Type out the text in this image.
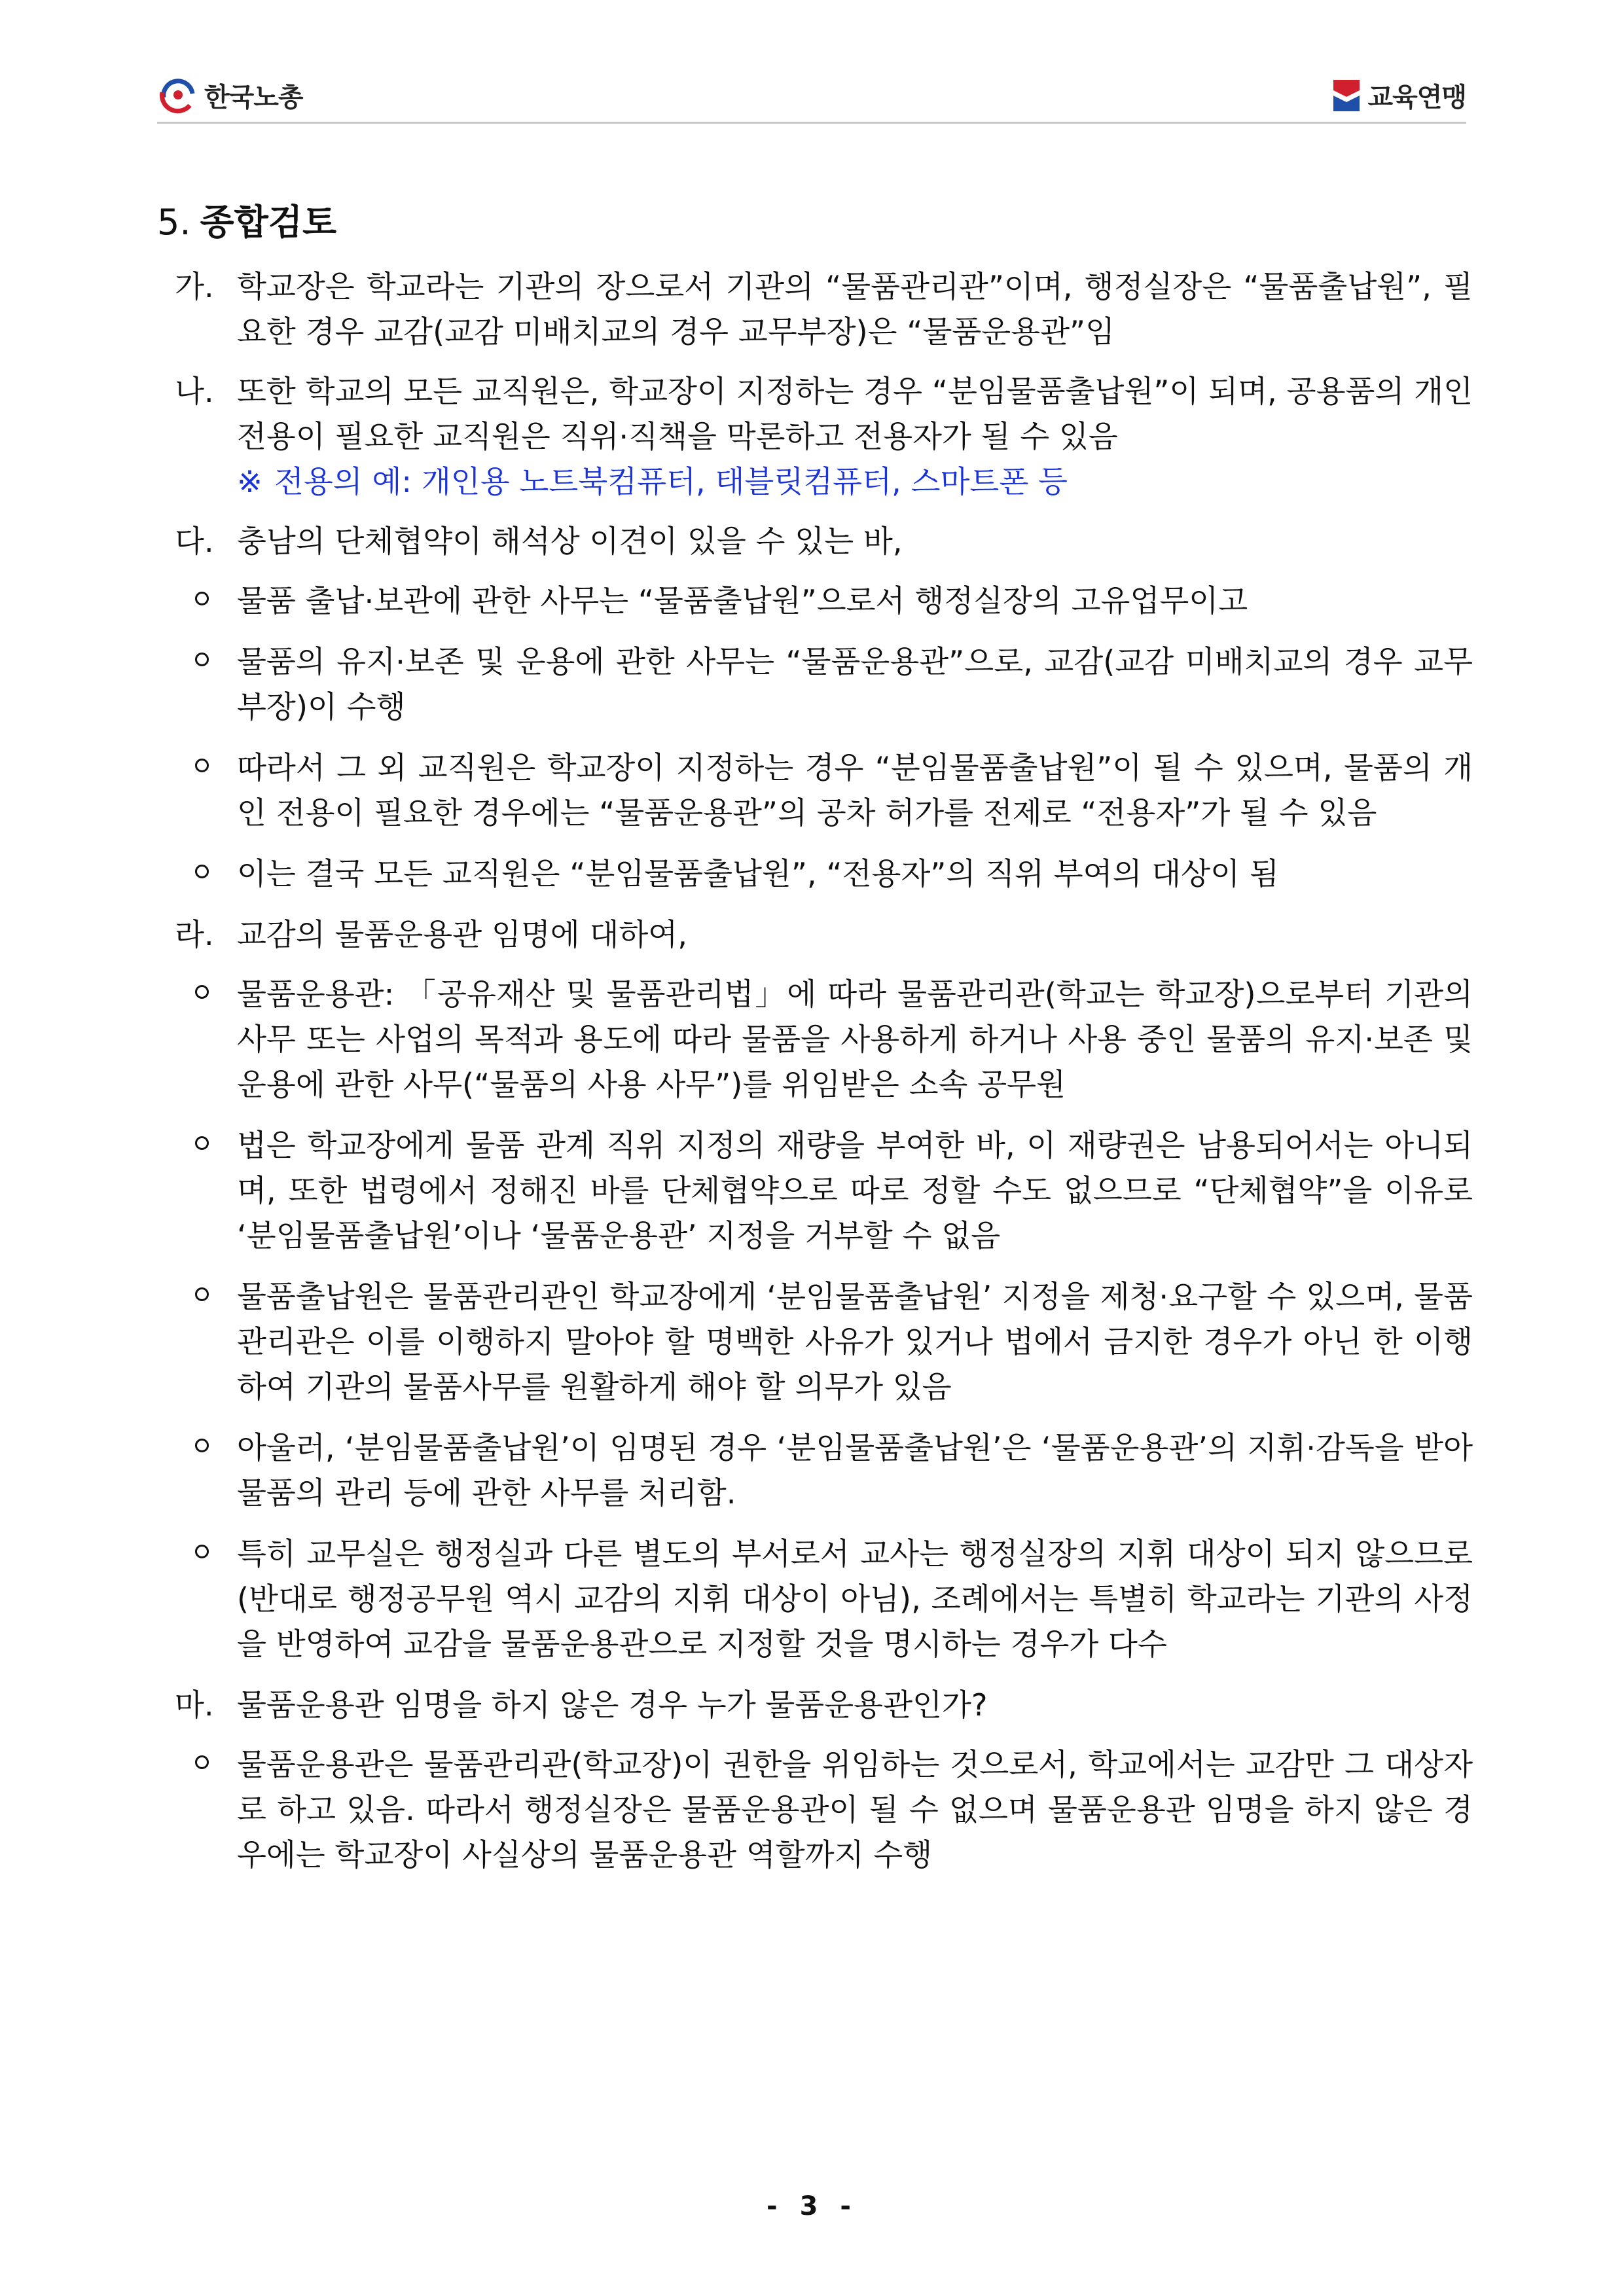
한국노총	교육연맹
5. 종합검토
가. 학교장은 학교라는 기관의 장으로서 기관의 “물품관리관”이며, 행정실장은 “물품출납원”, 필요한 경우 교감(교감 미배치교의 경우 교무부장)은 “물품운용관”임
나. 또한 학교의 모든 교직원은, 학교장이 지정하는 경우 “분임물품출납원”이 되며, 공용품의 개인 전용이 필요한 교직원은 직위·직책을 막론하고 전용자가 될 수 있음
※ 전용의 예: 개인용 노트북컴퓨터, 태블릿컴퓨터, 스마트폰 등
다. 충남의 단체협약이 해석상 이견이 있을 수 있는 바,
물품 출납·보관에 관한 사무는 “물품출납원”으로서 행정실장의 고유업무이고
물품의 유지·보존 및 운용에 관한 사무는 “물품운용관”으로, 교감(교감 미배치교의 경우 교무부장)이 수행
따라서 그 외 교직원은 학교장이 지정하는 경우 “분임물품출납원”이 될 수 있으며, 물품의 개인 전용이 필요한 경우에는 “물품운용관”의 공차 허가를 전제로 “전용자”가 될 수 있음
이는 결국 모든 교직원은 “분임물품출납원”, “전용자”의 직위 부여의 대상이 됨
라. 교감의 물품운용관 임명에 대하여,
물품운용관: 「공유재산 및 물품관리법」에 따라 물품관리관(학교는 학교장)으로부터 기관의 사무 또는 사업의 목적과 용도에 따라 물품을 사용하게 하거나 사용 중인 물품의 유지·보존 및 운용에 관한 사무(“물품의 사용 사무”)를 위임받은 소속 공무원
법은 학교장에게 물품 관계 직위 지정의 재량을 부여한 바, 이 재량권은 남용되어서는 아니되며, 또한 법령에서 정해진 바를 단체협약으로 따로 정할 수도 없으므로 “단체협약”을 이유로 ‘분임물품출납원’이나 ‘물품운용관’ 지정을 거부할 수 없음
물품출납원은 물품관리관인 학교장에게 ‘분임물품출납원’ 지정을 제청·요구할 수 있으며, 물품관리관은 이를 이행하지 말아야 할 명백한 사유가 있거나 법에서 금지한 경우가 아닌 한 이행하여 기관의 물품사무를 원활하게 해야 할 의무가 있음
아울러, ‘분임물품출납원’이 임명된 경우 ‘분임물품출납원’은 ‘물품운용관’의 지휘·감독을 받아 물품의 관리 등에 관한 사무를 처리함.
특히 교무실은 행정실과 다른 별도의 부서로서 교사는 행정실장의 지휘 대상이 되지 않으므로(반대로 행정공무원 역시 교감의 지휘 대상이 아님), 조례에서는 특별히 학교라는 기관의 사정을 반영하여 교감을 물품운용관으로 지정할 것을 명시하는 경우가 다수
마. 물품운용관 임명을 하지 않은 경우 누가 물품운용관인가?
물품운용관은 물품관리관(학교장)이 권한을 위임하는 것으로서, 학교에서는 교감만 그 대상자로 하고 있음. 따라서 행정실장은 물품운용관이 될 수 없으며 물품운용관 임명을 하지 않은 경우에는 학교장이 사실상의 물품운용관 역할까지 수행
- 3 -
